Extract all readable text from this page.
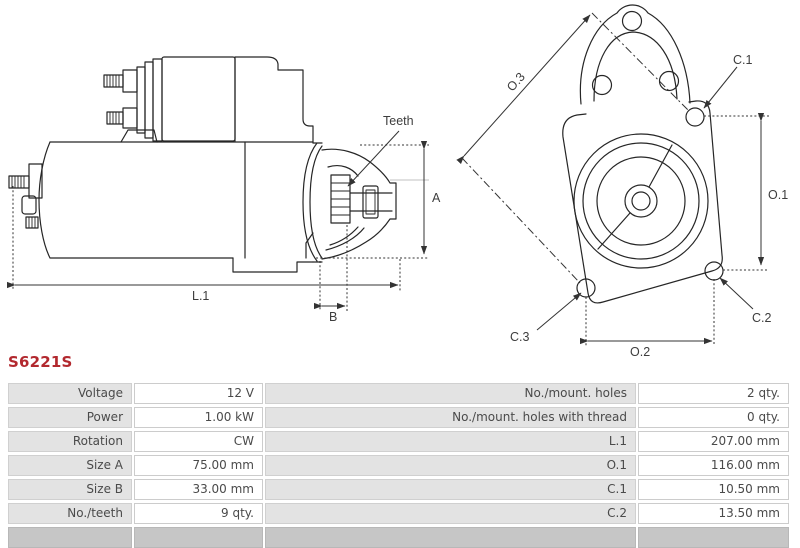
Teeth
A
B
L.1
O.3
C.1
O.1
C.2
C.3
O.2
S6221S
Voltage	12 V	No./mount. holes	2 qty.
Power	1.00 kW	No./mount. holes with thread	0 qty.
Rotation	CW	L.1	207.00 mm
Size A	75.00 mm	O.1	116.00 mm
Size B	33.00 mm	C.1	10.50 mm
No./teeth	9 qty.	C.2	13.50 mm
